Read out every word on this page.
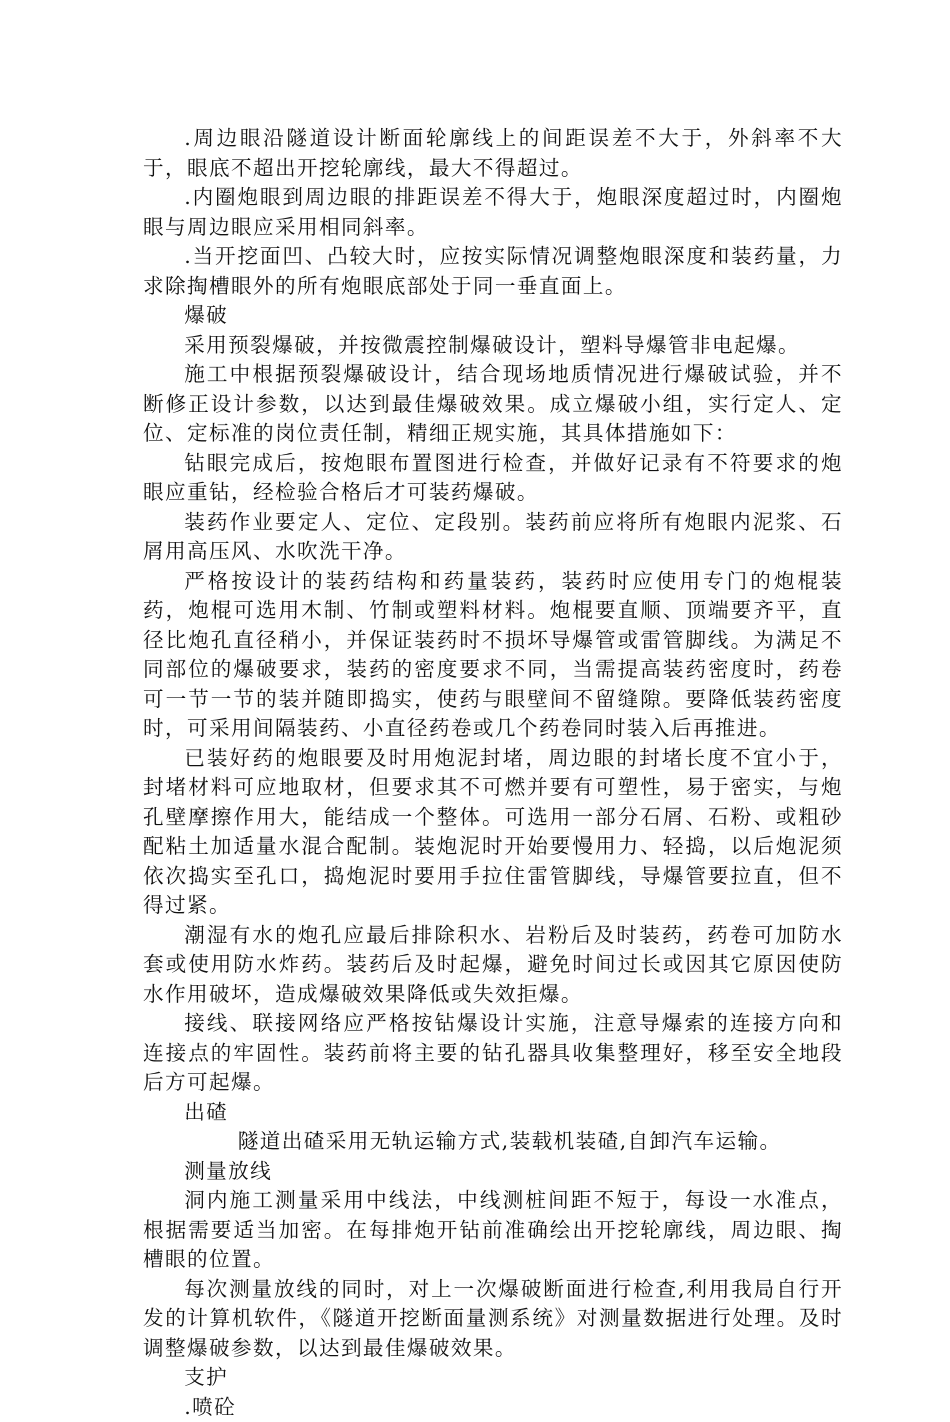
.周边眼沿隧道设计断面轮廓线上的间距误差不大于，外斜率不大于，眼底不超出开挖轮廓线，最大不得超过。

.内圈炮眼到周边眼的排距误差不得大于，炮眼深度超过时，内圈炮眼与周边眼应采用相同斜率。

.当开挖面凹、凸较大时，应按实际情况调整炮眼深度和装药量，力求除掏槽眼外的所有炮眼底部处于同一垂直面上。

爆破

采用预裂爆破，并按微震控制爆破设计，塑料导爆管非电起爆。

施工中根据预裂爆破设计，结合现场地质情况进行爆破试验，并不断修正设计参数，以达到最佳爆破效果。成立爆破小组，实行定人、定位、定标准的岗位责任制，精细正规实施，其具体措施如下：

钻眼完成后，按炮眼布置图进行检查，并做好记录有不符要求的炮眼应重钻，经检验合格后才可装药爆破。

装药作业要定人、定位、定段别。装药前应将所有炮眼内泥浆、石屑用高压风、水吹洗干净。

严格按设计的装药结构和药量装药，装药时应使用专门的炮棍装药，炮棍可选用木制、竹制或塑料材料。炮棍要直顺、顶端要齐平，直径比炮孔直径稍小，并保证装药时不损坏导爆管或雷管脚线。为满足不同部位的爆破要求，装药的密度要求不同，当需提高装药密度时，药卷可一节一节的装并随即捣实，使药与眼壁间不留缝隙。要降低装药密度时，可采用间隔装药、小直径药卷或几个药卷同时装入后再推进。

已装好药的炮眼要及时用炮泥封堵，周边眼的封堵长度不宜小于，封堵材料可应地取材，但要求其不可燃并要有可塑性，易于密实，与炮孔壁摩擦作用大，能结成一个整体。可选用一部分石屑、石粉、或粗砂配粘土加适量水混合配制。装炮泥时开始要慢用力、轻捣，以后炮泥须依次捣实至孔口，捣炮泥时要用手拉住雷管脚线，导爆管要拉直，但不得过紧。

潮湿有水的炮孔应最后排除积水、岩粉后及时装药，药卷可加防水套或使用防水炸药。装药后及时起爆，避免时间过长或因其它原因使防水作用破坏，造成爆破效果降低或失效拒爆。

接线、联接网络应严格按钻爆设计实施，注意导爆索的连接方向和连接点的牢固性。装药前将主要的钻孔器具收集整理好，移至安全地段后方可起爆。

出碴

隧道出碴采用无轨运输方式,装载机装碴,自卸汽车运输。

测量放线

洞内施工测量采用中线法，中线测桩间距不短于，每设一水准点，根据需要适当加密。在每排炮开钻前准确绘出开挖轮廓线，周边眼、掏槽眼的位置。

每次测量放线的同时，对上一次爆破断面进行检查,利用我局自行开发的计算机软件，《隧道开挖断面量测系统》对测量数据进行处理。及时调整爆破参数，以达到最佳爆破效果。

支护

.喷砼
